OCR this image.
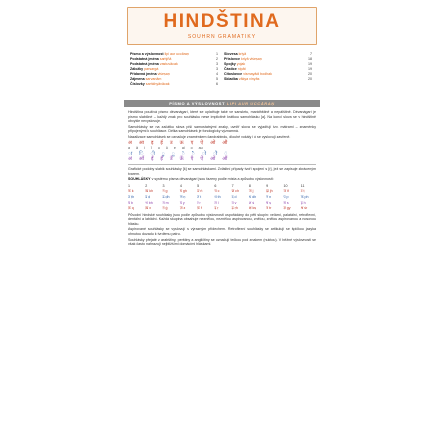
HINDŠTINA
SOUHRN GRAMATIKY
Písmo a výslovnost lipi aur uccāraṇ	1
Podstatná jména saṁjñā	2
Podstatná jména vastuvācak	3
Záložky parsargá	3
Přídavná jména viśeṣaṇ	4
Zájmena sarvanām	5
Číslovky saṁkhyāvācak	6
Slovesa kriyā	7
Příslovce kriyā viśeṣaṇ	18
Spojky yojak	19
Částice nipāt	19
Citoslovce vismayādi bodhak	20
Skladba vākya vinyās	20
PÍSMO A VÝSLOVNOST LIPI AUR UCCĀRAṆ

Hindština používá písmo dévanágarí, které se uplatňuje také ve sanskrtu, maráthštině a nepálštině. Dévanágarí je písmo slabičné – každý znak pro souhlásku nese implicitně krátkou samohlásku [a]. Na konci slova se v hindštině obvykle nevyslovuje.

Samohlásky se na začátku slova píší samostatnými znaky, uvnitř slova se vyjadřují tzv. mátrami – znaménky připojenými k souhlásce. Délka samohlásek je fonologicky významná.

Nazalizace samohlásek se označuje znaménkem čandrabindu, dlouhé vokály i ó se vyslovují zavřeně.

अ आ इ ई उ ऊ ए ऐ ओ औ
a ā i ī u ū e ai o au
ा ि ी ु ू े ै ो ौ ं
अं आँ इँ ईं उँ ऊँ एँ ऐं ओं औं

Grafické podoby slabik souhlásky [k] se samohláskami. Zvláštní případy tvoří spojení s [r], jež se zapisuje zkráceným tvarem.

SOUHLÁSKY v systému písma dévanágarí jsou řazeny podle místa a způsobu výslovnosti:

1	2	3	4	5	6	7	8	9	10	11
क k	ख kh	ग g	घ gh	ङ ṅ	च c	छ ch	ज j	झ jh	ञ ñ	ट ṭ
ठ ṭh	ड ḍ	ढ ḍh	ण ṇ	त t	थ th	द d	ध dh	न n	प p	फ ph
ब b	भ bh	म m	य y	र r	ल l	व v	श ś	ष ṣ	स s	ह h
क़ q	ख़ x	ग़ ġ	ज़ z	फ़ f	ड़ ṛ	ढ़ ṛh	क्ष kṣ	त्र tr	ज्ञ gy	श्र śr

Původní hindské souhlásky jsou podle způsobu výslovnosti uspořádány do pěti skupin: velární, palatální, retroflexní, dentální a labiální. Každá skupina obsahuje neznělou, neznělou aspirovanou, znělou, znělou aspirovanou a nosovou hlásku.

Aspirované souhlásky se vyslovují s výrazným přídechem. Retroflexní souhlásky se artikulují se špičkou jazyka ohnutou dozadu k tvrdému patru.

Souhlásky přejaté z arabštiny, perštiny a angličtiny se označují tečkou pod znakem (nuktou). V běžné výslovnosti se však často nahrazují nejbližšími domácími hláskami.
